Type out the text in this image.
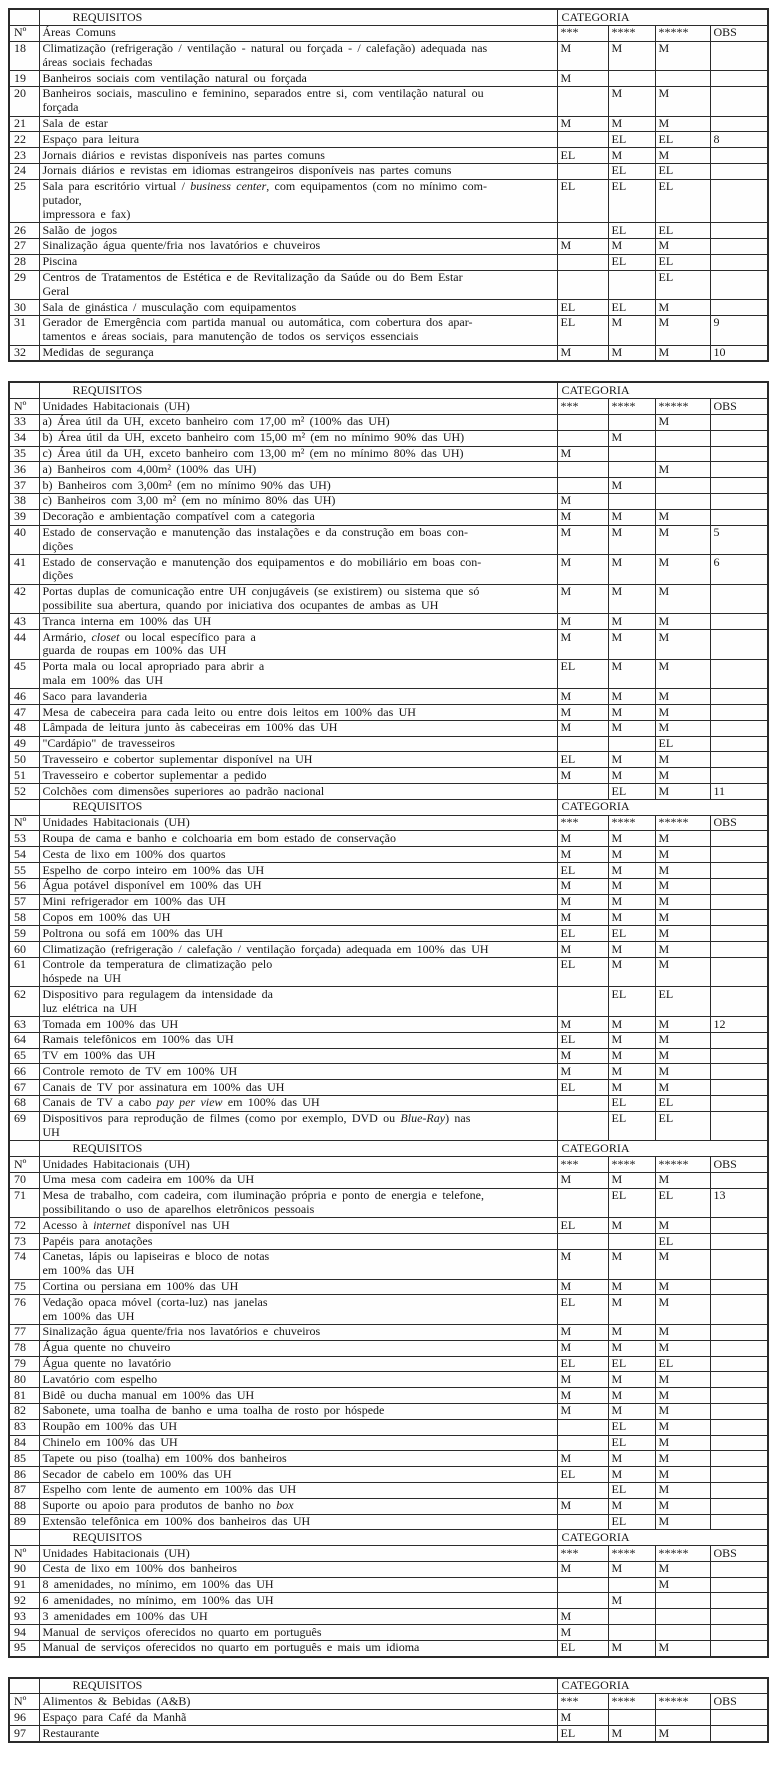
	REQUISITOS	CATEGORIA			
Nº	Áreas Comuns	***	****	*****	OBS
18	Climatização (refrigeração / ventilação - natural ou forçada - / calefação) adequada nas
áreas sociais fechadas	M	M	M	
19	Banheiros sociais com ventilação natural ou forçada	M			
20	Banheiros sociais, masculino e feminino, separados entre si, com ventilação natural ou
forçada		M	M	
21	Sala de estar	M	M	M	
22	Espaço para leitura		EL	EL	8
23	Jornais diários e revistas disponíveis nas partes comuns	EL	M	M	
24	Jornais diários e revistas em idiomas estrangeiros disponíveis nas partes comuns		EL	EL	
25	Sala para escritório virtual / business center, com equipamentos (com no mínimo com-
putador,
impressora e fax)	EL	EL	EL	
26	Salão de jogos		EL	EL	
27	Sinalização água quente/fria nos lavatórios e chuveiros	M	M	M	
28	Piscina		EL	EL	
29	Centros de Tratamentos de Estética e de Revitalização da Saúde ou do Bem Estar
Geral			EL	
30	Sala de ginástica / musculação com equipamentos	EL	EL	M	
31	Gerador de Emergência com partida manual ou automática, com cobertura dos apar-
tamentos e áreas sociais, para manutenção de todos os serviços essenciais	EL	M	M	9
32	Medidas de segurança	M	M	M	10
	REQUISITOS	CATEGORIA			
Nº	Unidades Habitacionais (UH)	***	****	*****	OBS
33	a) Área útil da UH, exceto banheiro com 17,00 m² (100% das UH)			M	
34	b) Área útil da UH, exceto banheiro com 15,00 m² (em no mínimo 90% das UH)		M		
35	c) Área útil da UH, exceto banheiro com 13,00 m² (em no mínimo 80% das UH)	M			
36	a) Banheiros com 4,00m² (100% das UH)			M	
37	b) Banheiros com 3,00m² (em no mínimo 90% das UH)		M		
38	c) Banheiros com 3,00 m² (em no mínimo 80% das UH)	M			
39	Decoração e ambientação compatível com a categoria	M	M	M	
40	Estado de conservação e manutenção das instalações e da construção em boas con-
dições	M	M	M	5
41	Estado de conservação e manutenção dos equipamentos e do mobiliário em boas con-
dições	M	M	M	6
42	Portas duplas de comunicação entre UH conjugáveis (se existirem) ou sistema que só
possibilite sua abertura, quando por iniciativa dos ocupantes de ambas as UH	M	M	M	
43	Tranca interna em 100% das UH	M	M	M	
44	Armário, closet ou local específico para a
guarda de roupas em 100% das UH	M	M	M	
45	Porta mala ou local apropriado para abrir a
mala em 100% das UH	EL	M	M	
46	Saco para lavanderia	M	M	M	
47	Mesa de cabeceira para cada leito ou entre dois leitos em 100% das UH	M	M	M	
48	Lâmpada de leitura junto às cabeceiras em 100% das UH	M	M	M	
49	"Cardápio" de travesseiros			EL	
50	Travesseiro e cobertor suplementar disponível na UH	EL	M	M	
51	Travesseiro e cobertor suplementar a pedido	M	M	M	
52	Colchões com dimensões superiores ao padrão nacional		EL	M	11
	REQUISITOS	CATEGORIA			
Nº	Unidades Habitacionais (UH)	***	****	*****	OBS
53	Roupa de cama e banho e colchoaria em bom estado de conservação	M	M	M	
54	Cesta de lixo em 100% dos quartos	M	M	M	
55	Espelho de corpo inteiro em 100% das UH	EL	M	M	
56	Água potável disponível em 100% das UH	M	M	M	
57	Mini refrigerador em 100% das UH	M	M	M	
58	Copos em 100% das UH	M	M	M	
59	Poltrona ou sofá em 100% das UH	EL	EL	M	
60	Climatização (refrigeração / calefação / ventilação forçada) adequada em 100% das UH	M	M	M	
61	Controle da temperatura de climatização pelo
hóspede na UH	EL	M	M	
62	Dispositivo para regulagem da intensidade da
luz elétrica na UH		EL	EL	
63	Tomada em 100% das UH	M	M	M	12
64	Ramais telefônicos em 100% das UH	EL	M	M	
65	TV em 100% das UH	M	M	M	
66	Controle remoto de TV em 100% UH	M	M	M	
67	Canais de TV por assinatura em 100% das UH	EL	M	M	
68	Canais de TV a cabo pay per view em 100% das UH		EL	EL	
69	Dispositivos para reprodução de filmes (como por exemplo, DVD ou Blue-Ray) nas
UH		EL	EL	
	REQUISITOS	CATEGORIA			
Nº	Unidades Habitacionais (UH)	***	****	*****	OBS
70	Uma mesa com cadeira em 100% da UH	M	M	M	
71	Mesa de trabalho, com cadeira, com iluminação própria e ponto de energia e telefone,
possibilitando o uso de aparelhos eletrônicos pessoais		EL	EL	13
72	Acesso à internet disponível nas UH	EL	M	M	
73	Papéis para anotações			EL	
74	Canetas, lápis ou lapiseiras e bloco de notas
em 100% das UH	M	M	M	
75	Cortina ou persiana em 100% das UH	M	M	M	
76	Vedação opaca móvel (corta-luz) nas janelas
em 100% das UH	EL	M	M	
77	Sinalização água quente/fria nos lavatórios e chuveiros	M	M	M	
78	Água quente no chuveiro	M	M	M	
79	Água quente no lavatório	EL	EL	EL	
80	Lavatório com espelho	M	M	M	
81	Bidê ou ducha manual em 100% das UH	M	M	M	
82	Sabonete, uma toalha de banho e uma toalha de rosto por hóspede	M	M	M	
83	Roupão em 100% das UH		EL	M	
84	Chinelo em 100% das UH		EL	M	
85	Tapete ou piso (toalha) em 100% dos banheiros	M	M	M	
86	Secador de cabelo em 100% das UH	EL	M	M	
87	Espelho com lente de aumento em 100% das UH		EL	M	
88	Suporte ou apoio para produtos de banho no box	M	M	M	
89	Extensão telefônica em 100% dos banheiros das UH		EL	M	
	REQUISITOS	CATEGORIA			
Nº	Unidades Habitacionais (UH)	***	****	*****	OBS
90	Cesta de lixo em 100% dos banheiros	M	M	M	
91	8 amenidades, no mínimo, em 100% das UH			M	
92	6 amenidades, no mínimo, em 100% das UH		M		
93	3 amenidades em 100% das UH	M			
94	Manual de serviços oferecidos no quarto em português	M			
95	Manual de serviços oferecidos no quarto em português e mais um idioma	EL	M	M	
	REQUISITOS	CATEGORIA			
Nº	Alimentos & Bebidas (A&B)	***	****	*****	OBS
96	Espaço para Café da Manhã	M			
97	Restaurante	EL	M	M	
